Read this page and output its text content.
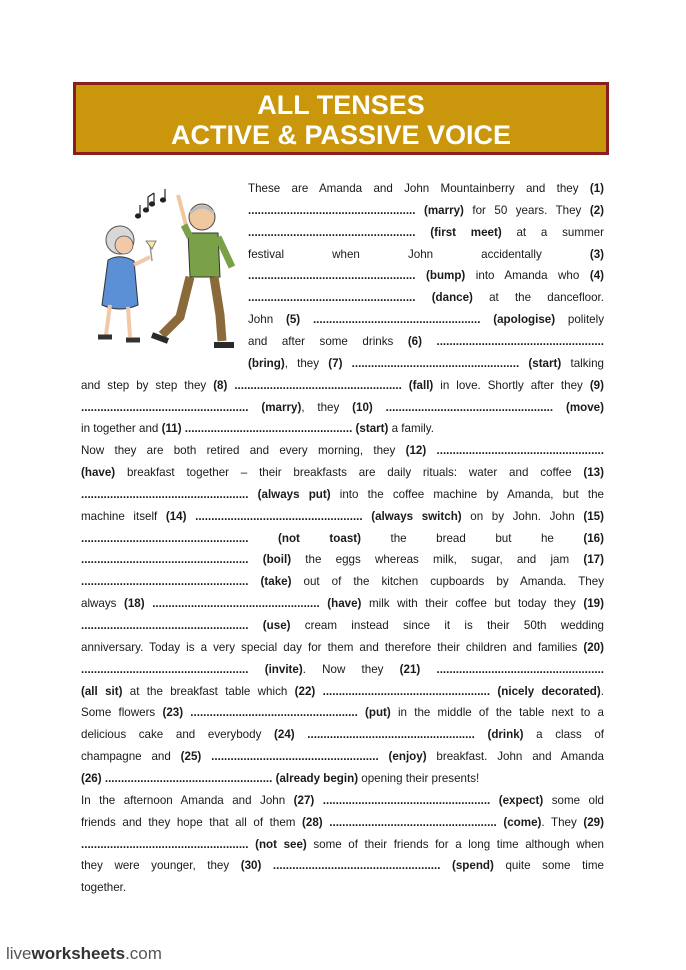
ALL TENSES
ACTIVE & PASSIVE VOICE
These are Amanda and John Mountainberry and they (1)
.................................................... (marry) for 50 years. They (2)
.................................................... (first meet) at a summer
festival when John accidentally (3)
.................................................... (bump) into Amanda who (4)
.................................................... (dance) at the dancefloor.
John (5) .................................................... (apologise) politely
and after some drinks (6) ....................................................
(bring), they (7) .................................................... (start) talking
and step by step they (8) .................................................... (fall) in love. Shortly after they (9)
.................................................... (marry), they (10) .................................................... (move)
in together and (11) .................................................... (start) a family.
Now they are both retired and every morning, they (12) ....................................................
(have) breakfast together – their breakfasts are daily rituals: water and coffee (13)
.................................................... (always put) into the coffee machine by Amanda, but the
machine itself (14) .................................................... (always switch) on by John. John (15)
....................................................	(not toast) the bread but he (16)
.................................................... (boil) the eggs whereas milk, sugar, and jam (17)
.................................................... (take) out of the kitchen cupboards by Amanda. They
always (18) .................................................... (have) milk with their coffee but today they (19)
.................................................... (use) cream instead since it is their 50th wedding
anniversary. Today is a very special day for them and therefore their children and families (20)
.................................................... (invite). Now they (21) ....................................................
(all sit) at the breakfast table which (22) .................................................... (nicely decorated).
Some flowers (23) .................................................... (put) in the middle of the table next to a
delicious cake and everybody (24) .................................................... (drink) a class of
champagne and (25) .................................................... (enjoy) breakfast. John and Amanda
(26) .................................................... (already begin) opening their presents!
In the afternoon Amanda and John (27) .................................................... (expect) some old
friends and they hope that all of them (28) .................................................... (come). They (29)
.................................................... (not see) some of their friends for a long time although when
they were younger, they (30) .................................................... (spend) quite some time
together.
liveworksheets.com
